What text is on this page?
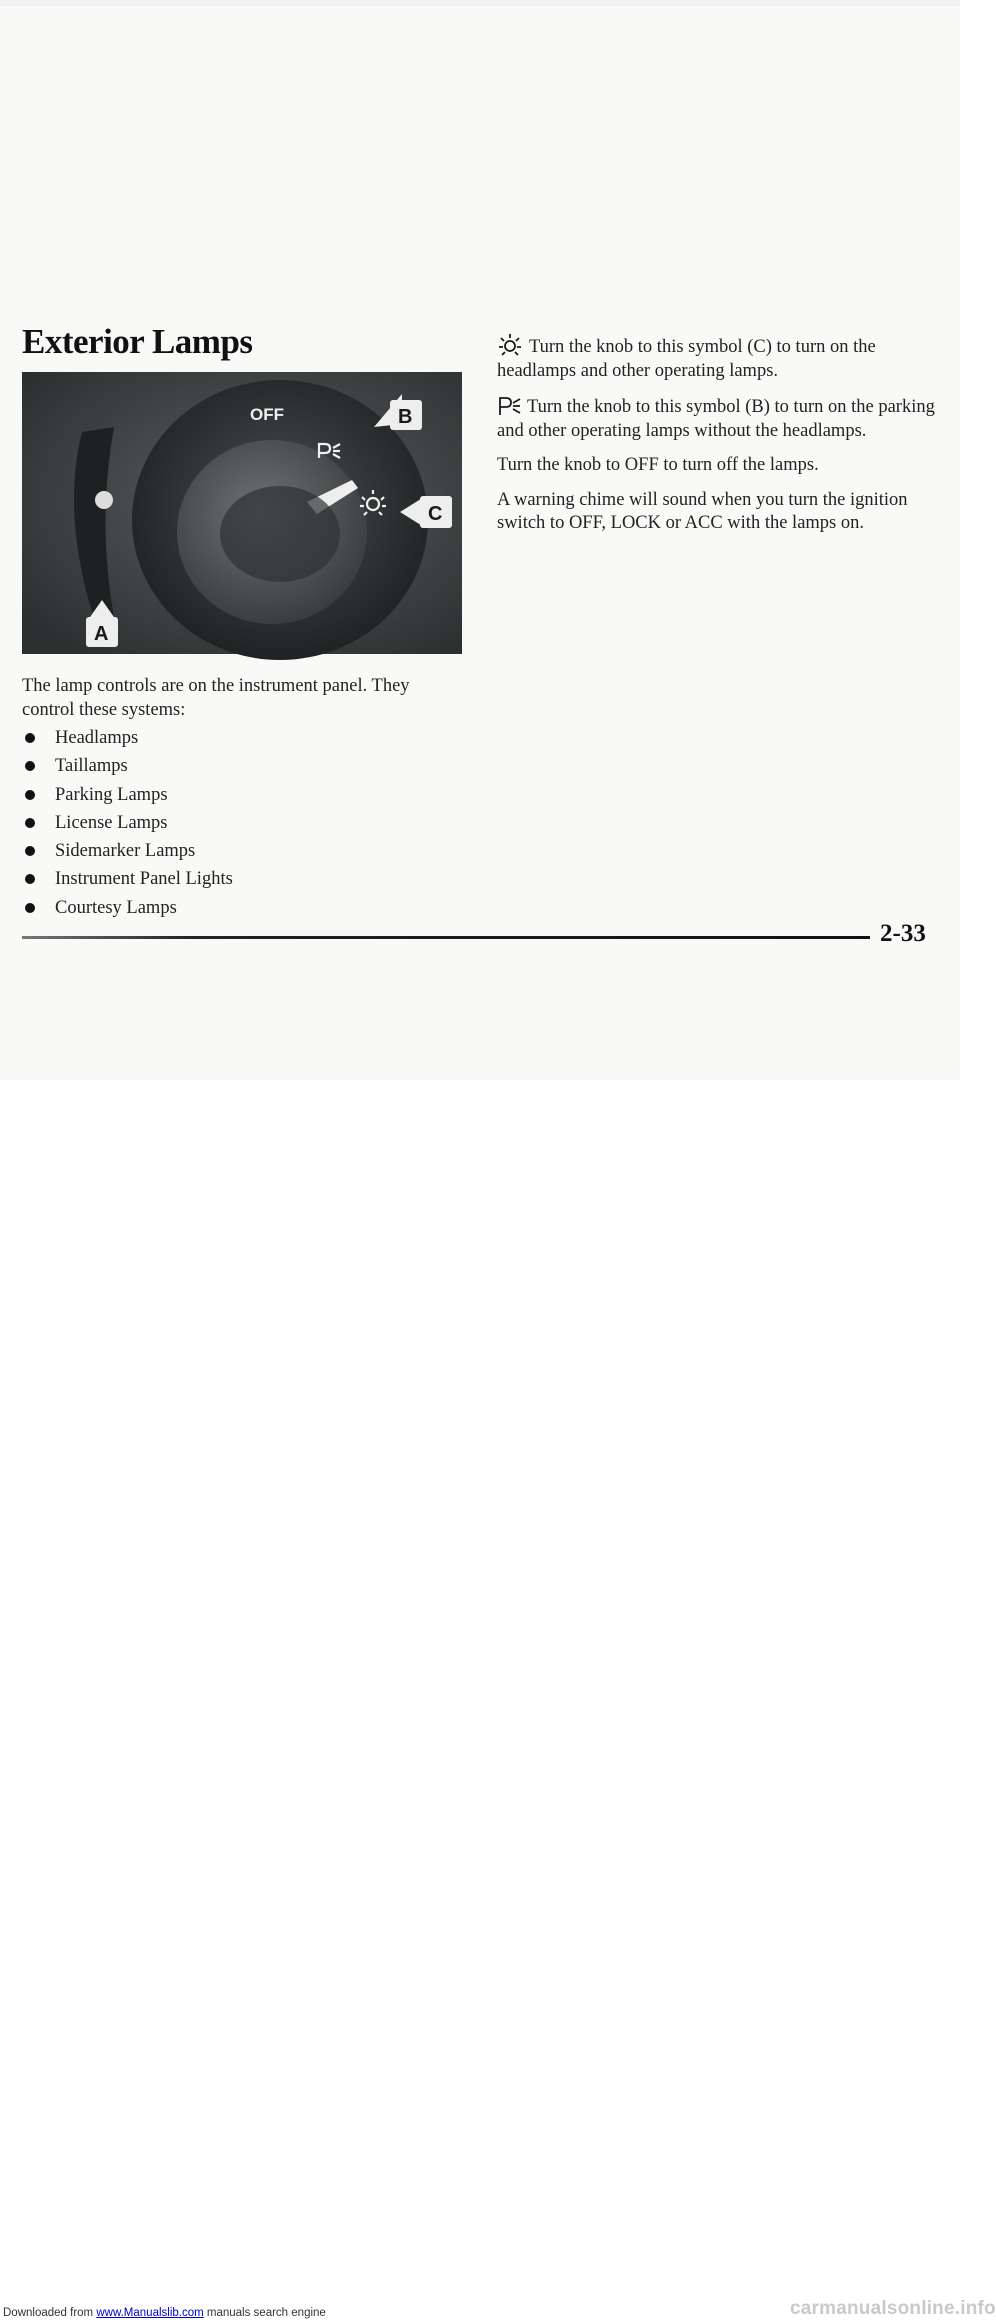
Exterior Lamps
OFF	B
C
A

The lamp controls are on the instrument panel. They control these systems:

Headlamps
Taillamps
Parking Lamps
License Lamps
Sidemarker Lamps
Instrument Panel Lights
Courtesy Lamps

Turn the knob to this symbol (C) to turn on the headlamps and other operating lamps.

Turn the knob to this symbol (B) to turn on the parking and other operating lamps without the headlamps.

Turn the knob to OFF to turn off the lamps.

A warning chime will sound when you turn the ignition switch to OFF, LOCK or ACC with the lamps on.

2-33

Downloaded from www.Manualslib.com manuals search engine	carmanualsonline.info
